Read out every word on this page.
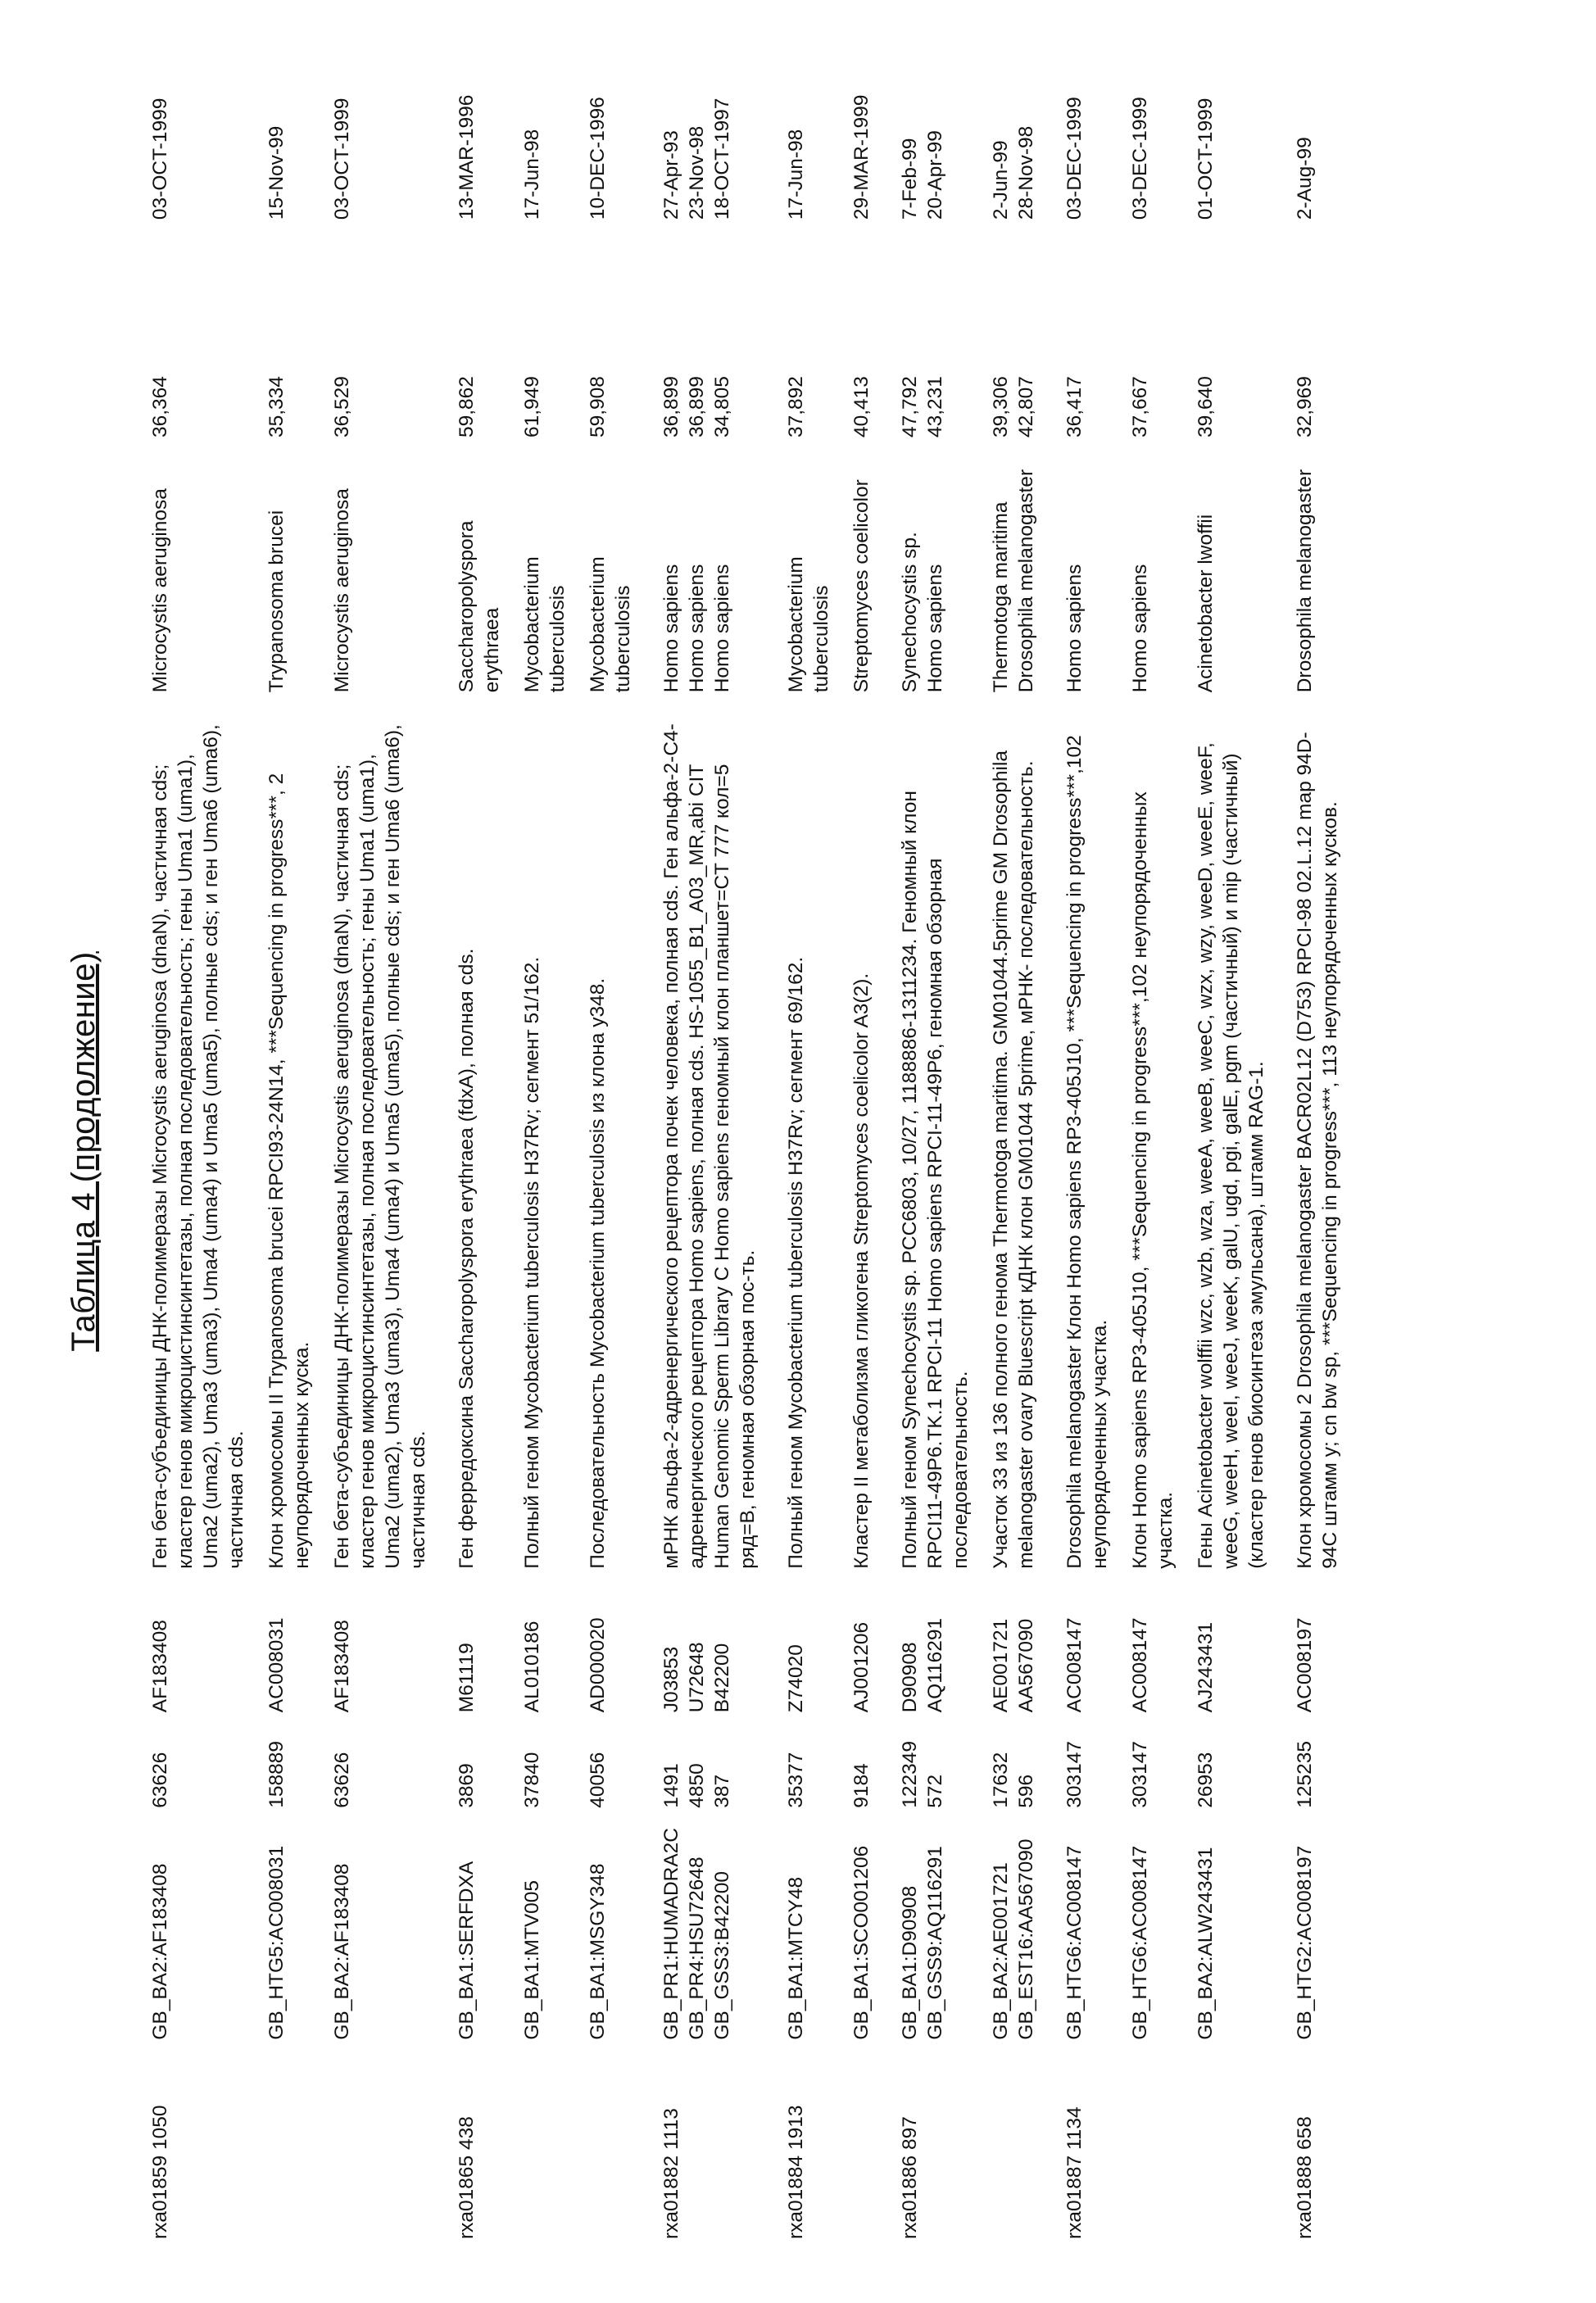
Таблица 4 (продолжение)
rxa01859 1050	
GB_BA2:AF183408

63626

AF183408
	Ген бета-субъединицы ДНК-полимеразы Microcystis aeruginosa (dnaN), частичная cds; кластер генов микроцистинсинтетазы, полная последовательность; гены Uma1 (uma1), Uma2 (uma2), Uma3 (uma3), Uma4 (uma4) и Uma5 (uma5), полные cds; и ген Uma6 (uma6), частичная cds.	
Microcystis aeruginosa

36,364

03-OCT-1999

GB_HTG5:AC008031

158889

AC008031
	Клон хромосомы II Trypanosoma brucei RPCI93-24N14, ***Sequencing in progress***, 2 неупорядоченных куска.	
Trypanosoma brucei

35,334

15-Nov-99

GB_BA2:AF183408

63626

AF183408
	Ген бета-субъединицы ДНК-полимеразы Microcystis aeruginosa (dnaN), частичная cds; кластер генов микроцистинсинтетазы, полная последовательность; гены Uma1 (uma1), Uma2 (uma2), Uma3 (uma3), Uma4 (uma4) и Uma5 (uma5), полные cds; и ген Uma6 (uma6), частичная cds.	
Microcystis aeruginosa

36,529

03-OCT-1999

rxa01865 438	
GB_BA1:SERFDXA

3869

M61119
	Ген ферредоксина Saccharopolyspora erythraea (fdxA), полная cds.	
Saccharopolyspora erythraea

59,862

13-MAR-1996

GB_BA1:MTV005

37840

AL010186
	Полный геном Mycobacterium tuberculosis H37Rv; сегмент 51/162.	
Mycobacterium tuberculosis

61,949

17-Jun-98

GB_BA1:MSGY348

40056

AD000020
	Последовательность Mycobacterium tuberculosis из клона y348.	
Mycobacterium tuberculosis

59,908

10-DEC-1996

rxa01882 1113	
GB_PR1:HUMADRA2C GB_PR4:HSU72648 GB_GSS3:B42200

1491 4850 387

J03853 U72648 B42200
	мРНК альфа-2-адренергического рецептора почек человека, полная cds. Ген альфа-2-C4-адренергического рецептора Homo sapiens, полная cds. HS-1055_B1_A03_MR,abi CIT Human Genomic Sperm Library C Homo sapiens геномный клон планшет=CT 777 кол=5 ряд=B, геномная обзорная пос-ть.	
Homo sapiens Homo sapiens Homo sapiens

36,899 36,899 34,805

27-Apr-93 23-Nov-98 18-OCT-1997

rxa01884 1913	
GB_BA1:MTCY48

35377

Z74020
	Полный геном Mycobacterium tuberculosis H37Rv; сегмент 69/162.	
Mycobacterium tuberculosis

37,892

17-Jun-98

GB_BA1:SCO001206

9184

AJ001206
	Кластер II метаболизма гликогена Streptomyces coelicolor A3(2).	
Streptomyces coelicolor

40,413

29-MAR-1999

rxa01886 897	
GB_BA1:D90908 GB_GSS9:AQ116291

122349 572

D90908 AQ116291
	Полный геном Synechocystis sp. PCC6803, 10/27, 1188886-1311234. Геномный клон RPCI11-49P6.TK.1 RPCI-11 Homo sapiens RPCI-11-49P6, геномная обзорная последовательность.	
Synechocystis sp. Homo sapiens

47,792 43,231

7-Feb-99 20-Apr-99

GB_BA2:AE001721 GB_EST16:AA567090

17632 596

AE001721 AA567090
	Участок 33 из 136 полного генома Thermotoga maritima. GM01044.5prime GM Drosophila melanogaster ovary Bluescript кДНК клон GM01044 5prime, мРНК- последовательность.	
Thermotoga maritima Drosophila melanogaster

39,306 42,807

2-Jun-99 28-Nov-98

rxa01887 1134	
GB_HTG6:AC008147

303147

AC008147
	Drosophila melanogaster Клон Homo sapiens RP3-405J10, ***Sequencing in progress***,102 неупорядоченных участка.	
Homo sapiens

36,417

03-DEC-1999

GB_HTG6:AC008147

303147

AC008147
	Клон Homo sapiens RP3-405J10, ***Sequencing in progress***,102 неупорядоченных участка.	
Homo sapiens

37,667

03-DEC-1999

GB_BA2:ALW243431

26953

AJ243431
	Гены Acinetobacter wolffii wzc, wzb, wza, weeA, weeB, weeC, wzx, wzy, weeD, weeE, weeF, weeG, weeH, weeI, weeJ, weeK, galU, ugd, pgi, galE, pgm (частичный) и mip (частичный) (кластер генов биосинтеза эмульсана), штамм RAG-1.	
Acinetobacter lwoffii

39,640

01-OCT-1999

rxa01888 658	
GB_HTG2:AC008197

125235

AC008197
	Клон хромосомы 2 Drosophila melanogaster BACR02L12 (D753) RPCI-98 02.L.12 map 94D-94C штамм y; cn bw sp, ***Sequencing in progress***, 113 неупорядоченных кусков.	
Drosophila melanogaster

32,969

2-Aug-99
